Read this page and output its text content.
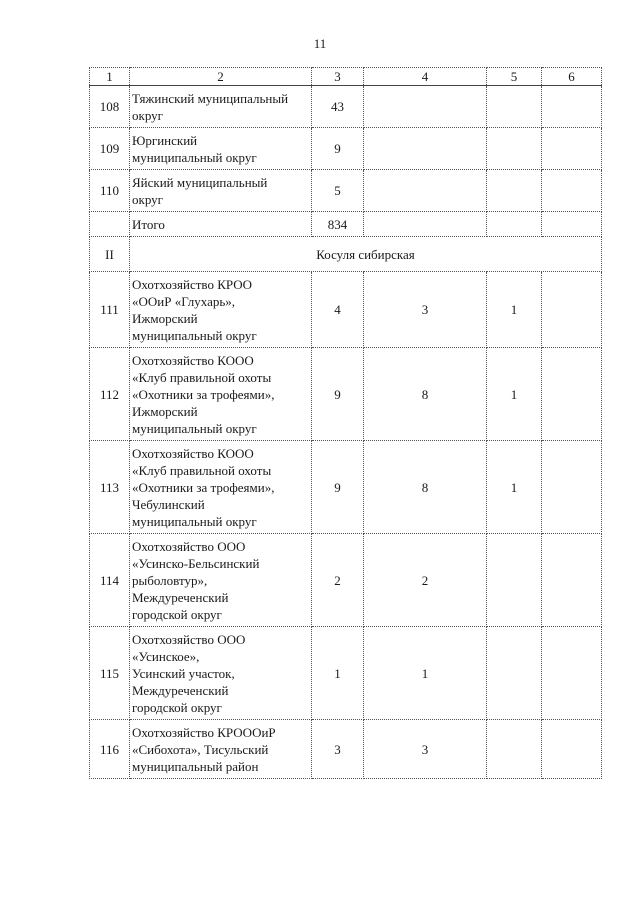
11
1	2	3	4	5	6
108	Тяжинский муниципальный
округ	43			
109	Юргинский
муниципальный округ	9			
110	Яйский муниципальный
округ	5			
	Итого	834			
II	Косуля сибирская				
111	Охотхозяйство КРОО
«ООиР «Глухарь»,
Ижморский
муниципальный округ	4	3	1	
112	Охотхозяйство КООО
«Клуб правильной охоты
«Охотники за трофеями»,
Ижморский
муниципальный округ	9	8	1	
113	Охотхозяйство КООО
«Клуб правильной охоты
«Охотники за трофеями»,
Чебулинский
муниципальный округ	9	8	1	
114	Охотхозяйство ООО
«Усинско-Бельсинский
рыболовтур»,
Междуреченский
городской округ	2	2		
115	Охотхозяйство ООО
«Усинское»,
Усинский участок,
Междуреченский
городской округ	1	1		
116	Охотхозяйство КРОООиР
«Сибохота», Тисульский
муниципальный район	3	3		
